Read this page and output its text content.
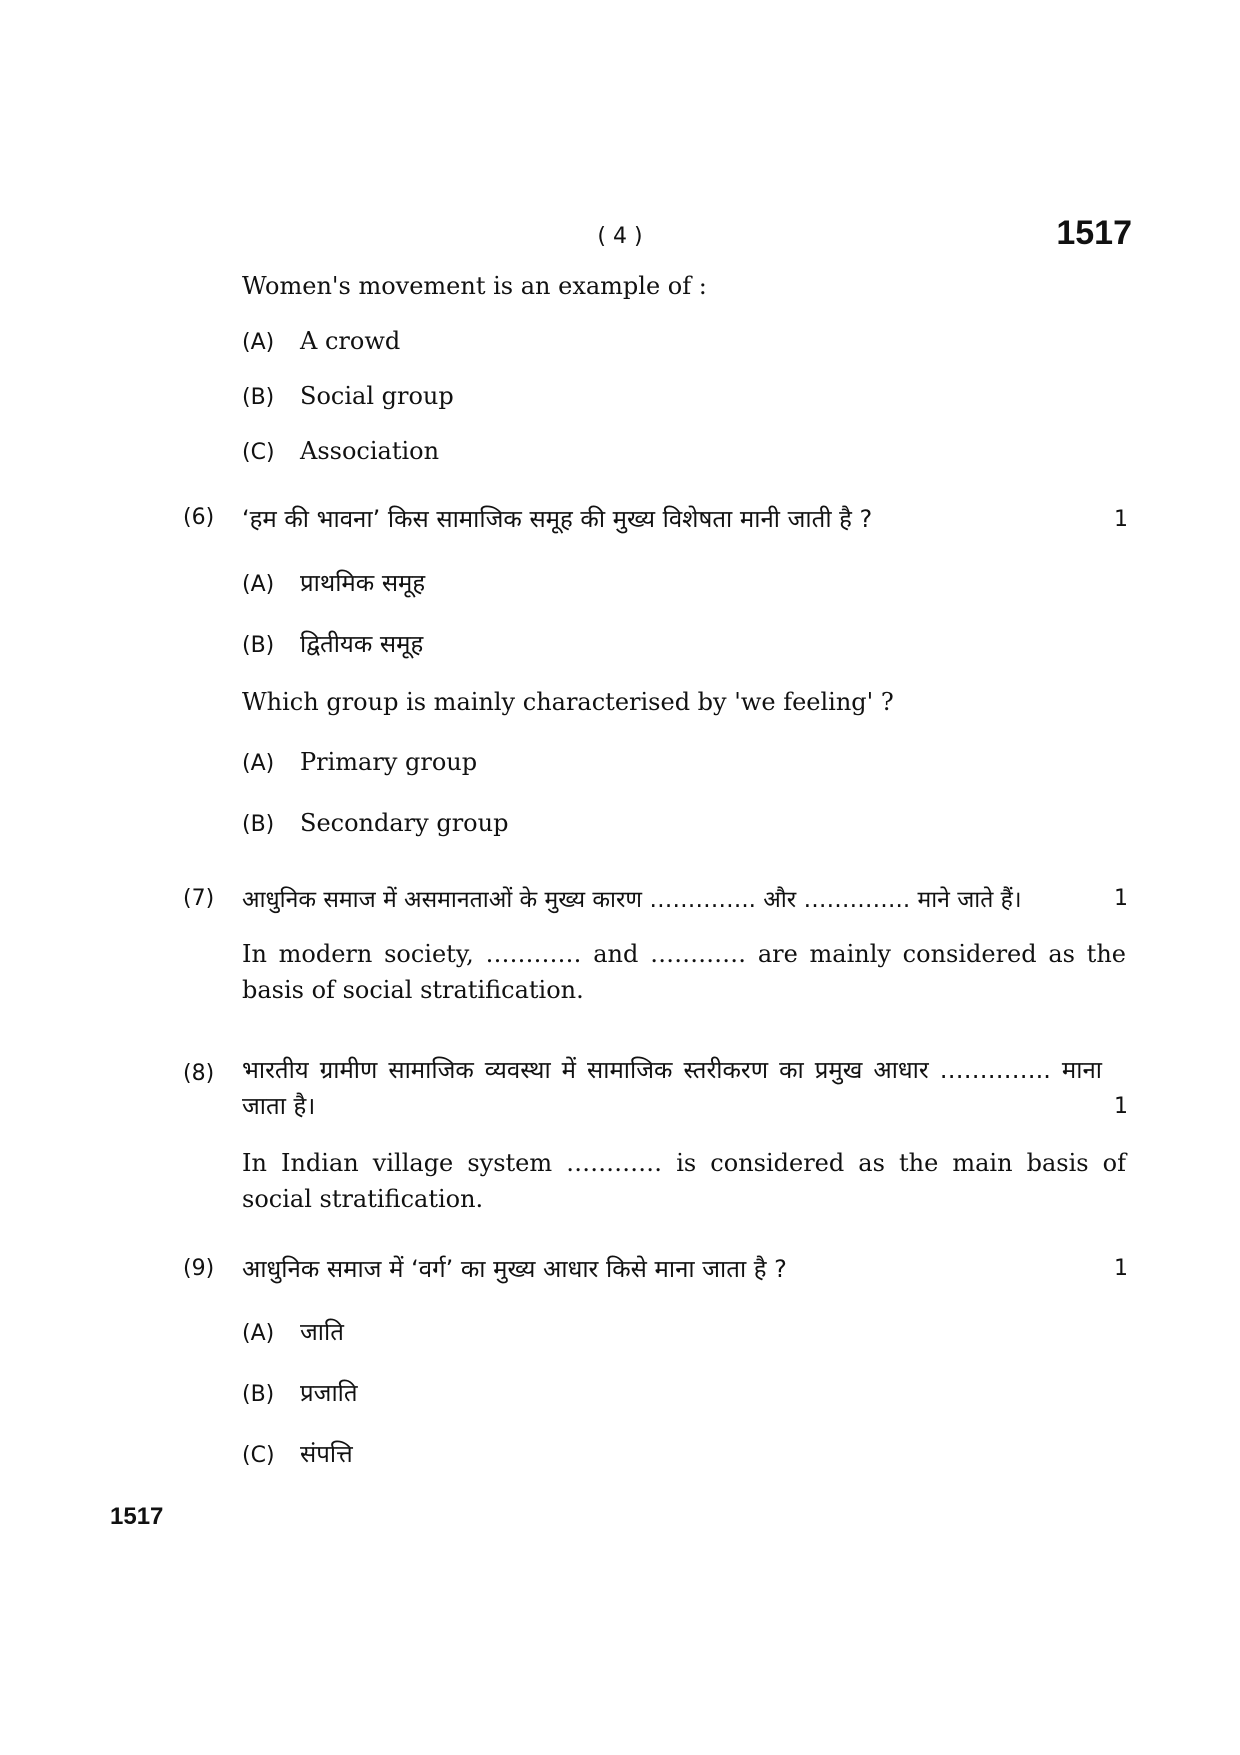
( 4 )	1517
Women's movement is an example of :
(A) A crowd
(B) Social group
(C) Association
(6) ‘हम की भावना’ किस सामाजिक समूह की मुख्य विशेषता मानी जाती है ?	1
(A) प्राथमिक समूह
(B) द्वितीयक समूह
Which group is mainly characterised by 'we feeling' ?
(A) Primary group
(B) Secondary group
(7) आधुनिक समाज में असमानताओं के मुख्य कारण ………….. और ………….. माने जाते हैं।	1
In modern society, ………… and ………… are mainly considered as the basis of social stratification.
(8) भारतीय ग्रामीण सामाजिक व्यवस्था में सामाजिक स्तरीकरण का प्रमुख आधार ………….. माना जाता है।	1
In Indian village system ………… is considered as the main basis of social stratification.
(9) आधुनिक समाज में ‘वर्ग’ का मुख्य आधार किसे माना जाता है ?	1
(A) जाति
(B) प्रजाति
(C) संपत्ति
1517
